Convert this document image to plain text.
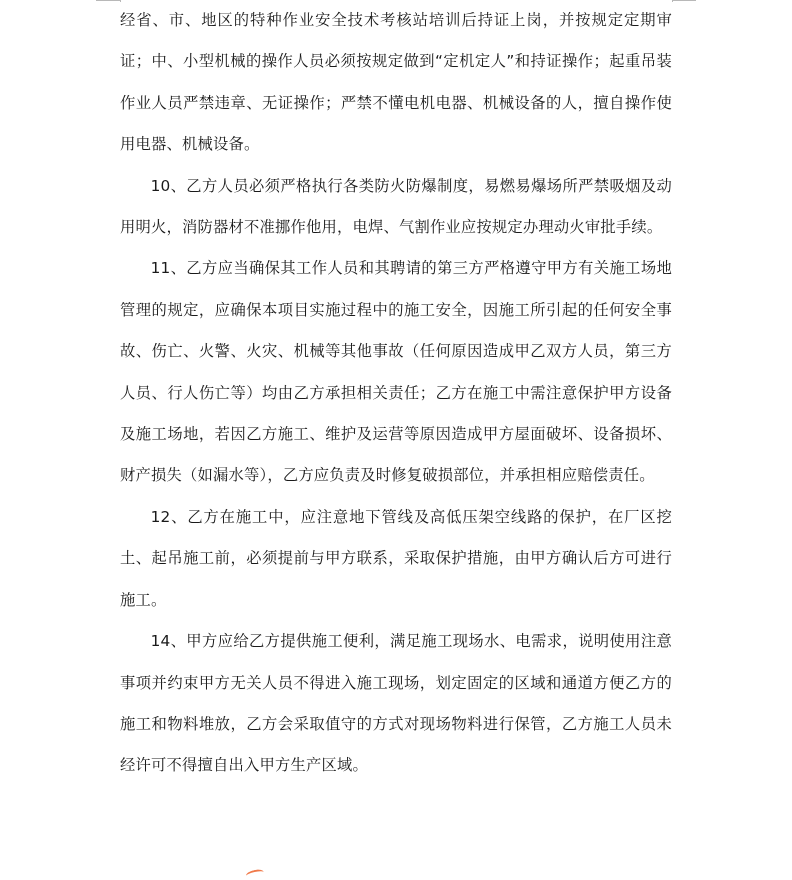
经省、市、地区的特种作业安全技术考核站培训后持证上岗，并按规定定期审证；中、小型机械的操作人员必须按规定做到“定机定人”和持证操作；起重吊装作业人员严禁违章、无证操作；严禁不懂电机电器、机械设备的人，擅自操作使用电器、机械设备。

10、乙方人员必须严格执行各类防火防爆制度，易燃易爆场所严禁吸烟及动用明火，消防器材不准挪作他用，电焊、气割作业应按规定办理动火审批手续。

11、乙方应当确保其工作人员和其聘请的第三方严格遵守甲方有关施工场地管理的规定，应确保本项目实施过程中的施工安全，因施工所引起的任何安全事故、伤亡、火警、火灾、机械等其他事故（任何原因造成甲乙双方人员，第三方人员、行人伤亡等）均由乙方承担相关责任；乙方在施工中需注意保护甲方设备及施工场地，若因乙方施工、维护及运营等原因造成甲方屋面破坏、设备损坏、财产损失（如漏水等），乙方应负责及时修复破损部位，并承担相应赔偿责任。

12、乙方在施工中，应注意地下管线及高低压架空线路的保护，在厂区挖土、起吊施工前，必须提前与甲方联系，采取保护措施，由甲方确认后方可进行施工。

14、甲方应给乙方提供施工便利，满足施工现场水、电需求，说明使用注意事项并约束甲方无关人员不得进入施工现场，划定固定的区域和通道方便乙方的施工和物料堆放，乙方会采取值守的方式对现场物料进行保管，乙方施工人员未经许可不得擅自出入甲方生产区域。
